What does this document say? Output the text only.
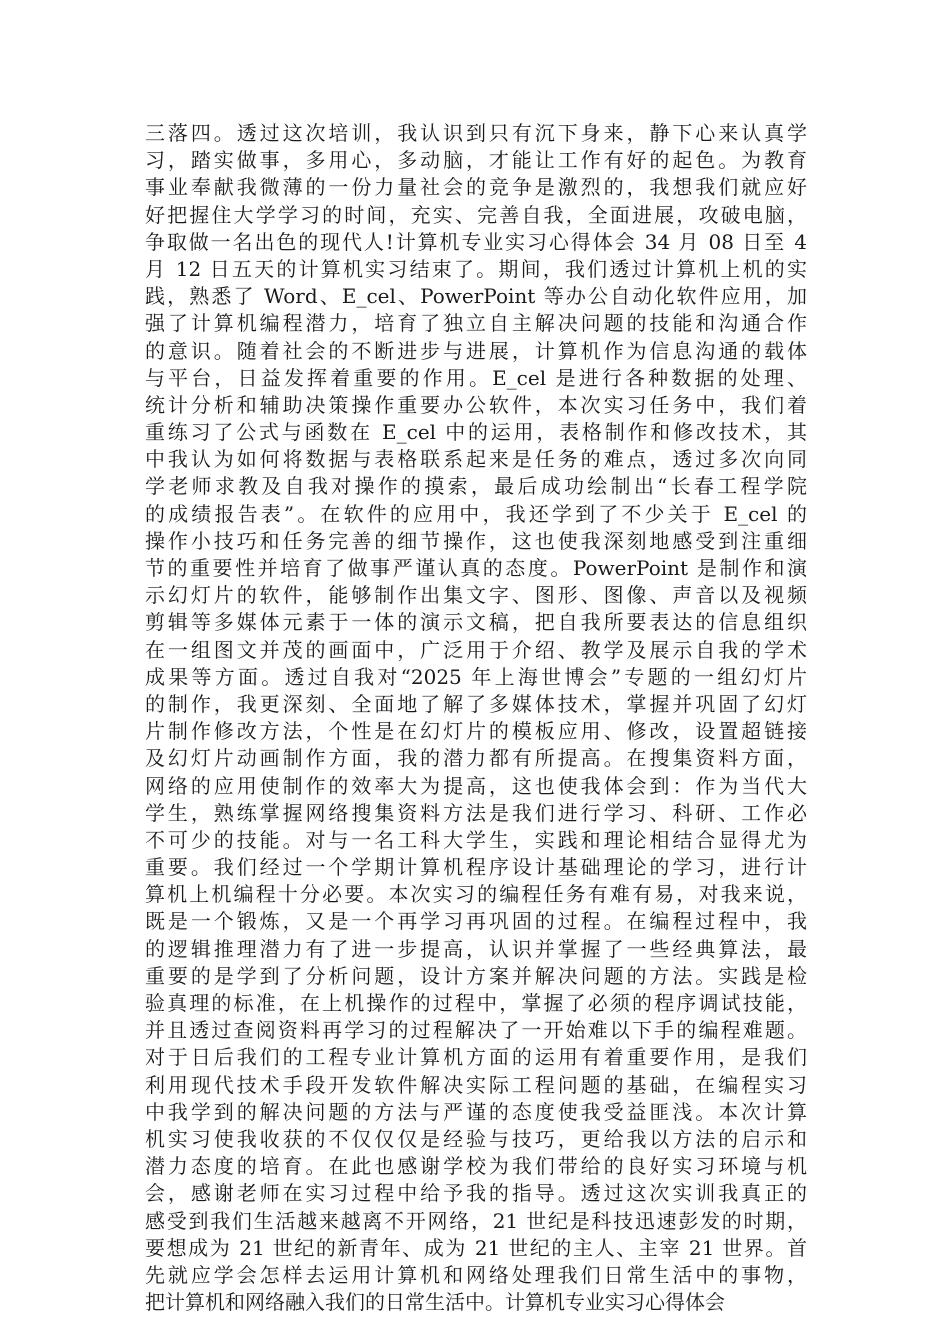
三落四。透过这次培训，我认识到只有沉下身来，静下心来认真学
习，踏实做事，多用心，多动脑，才能让工作有好的起色。为教育
事业奉献我微薄的一份力量社会的竞争是激烈的，我想我们就应好
好把握住大学学习的时间，充实、完善自我，全面进展，攻破电脑，
争取做一名出色的现代人!计算机专业实习心得体会 34 月 08 日至 4
月 12 日五天的计算机实习结束了。期间，我们透过计算机上机的实
践，熟悉了 Word、E_cel、PowerPoint 等办公自动化软件应用，加
强了计算机编程潜力，培育了独立自主解决问题的技能和沟通合作
的意识。随着社会的不断进步与进展，计算机作为信息沟通的载体
与平台，日益发挥着重要的作用。E_cel 是进行各种数据的处理、
统计分析和辅助决策操作重要办公软件，本次实习任务中，我们着
重练习了公式与函数在 E_cel 中的运用，表格制作和修改技术，其
中我认为如何将数据与表格联系起来是任务的难点，透过多次向同
学老师求教及自我对操作的摸索，最后成功绘制出“长春工程学院
的成绩报告表”。在软件的应用中，我还学到了不少关于 E_cel 的
操作小技巧和任务完善的细节操作，这也使我深刻地感受到注重细
节的重要性并培育了做事严谨认真的态度。PowerPoint 是制作和演
示幻灯片的软件，能够制作出集文字、图形、图像、声音以及视频
剪辑等多媒体元素于一体的演示文稿，把自我所要表达的信息组织
在一组图文并茂的画面中，广泛用于介绍、教学及展示自我的学术
成果等方面。透过自我对“2025 年上海世博会”专题的一组幻灯片
的制作，我更深刻、全面地了解了多媒体技术，掌握并巩固了幻灯
片制作修改方法，个性是在幻灯片的模板应用、修改，设置超链接
及幻灯片动画制作方面，我的潜力都有所提高。在搜集资料方面，
网络的应用使制作的效率大为提高，这也使我体会到：作为当代大
学生，熟练掌握网络搜集资料方法是我们进行学习、科研、工作必
不可少的技能。对与一名工科大学生，实践和理论相结合显得尤为
重要。我们经过一个学期计算机程序设计基础理论的学习，进行计
算机上机编程十分必要。本次实习的编程任务有难有易，对我来说，
既是一个锻炼，又是一个再学习再巩固的过程。在编程过程中，我
的逻辑推理潜力有了进一步提高，认识并掌握了一些经典算法，最
重要的是学到了分析问题，设计方案并解决问题的方法。实践是检
验真理的标准，在上机操作的过程中，掌握了必须的程序调试技能，
并且透过查阅资料再学习的过程解决了一开始难以下手的编程难题。
对于日后我们的工程专业计算机方面的运用有着重要作用，是我们
利用现代技术手段开发软件解决实际工程问题的基础，在编程实习
中我学到的解决问题的方法与严谨的态度使我受益匪浅。本次计算
机实习使我收获的不仅仅仅是经验与技巧，更给我以方法的启示和
潜力态度的培育。在此也感谢学校为我们带给的良好实习环境与机
会，感谢老师在实习过程中给予我的指导。透过这次实训我真正的
感受到我们生活越来越离不开网络，21 世纪是科技迅速彭发的时期，
要想成为 21 世纪的新青年、成为 21 世纪的主人、主宰 21 世界。首
先就应学会怎样去运用计算机和网络处理我们日常生活中的事物，
把计算机和网络融入我们的日常生活中。计算机专业实习心得体会
